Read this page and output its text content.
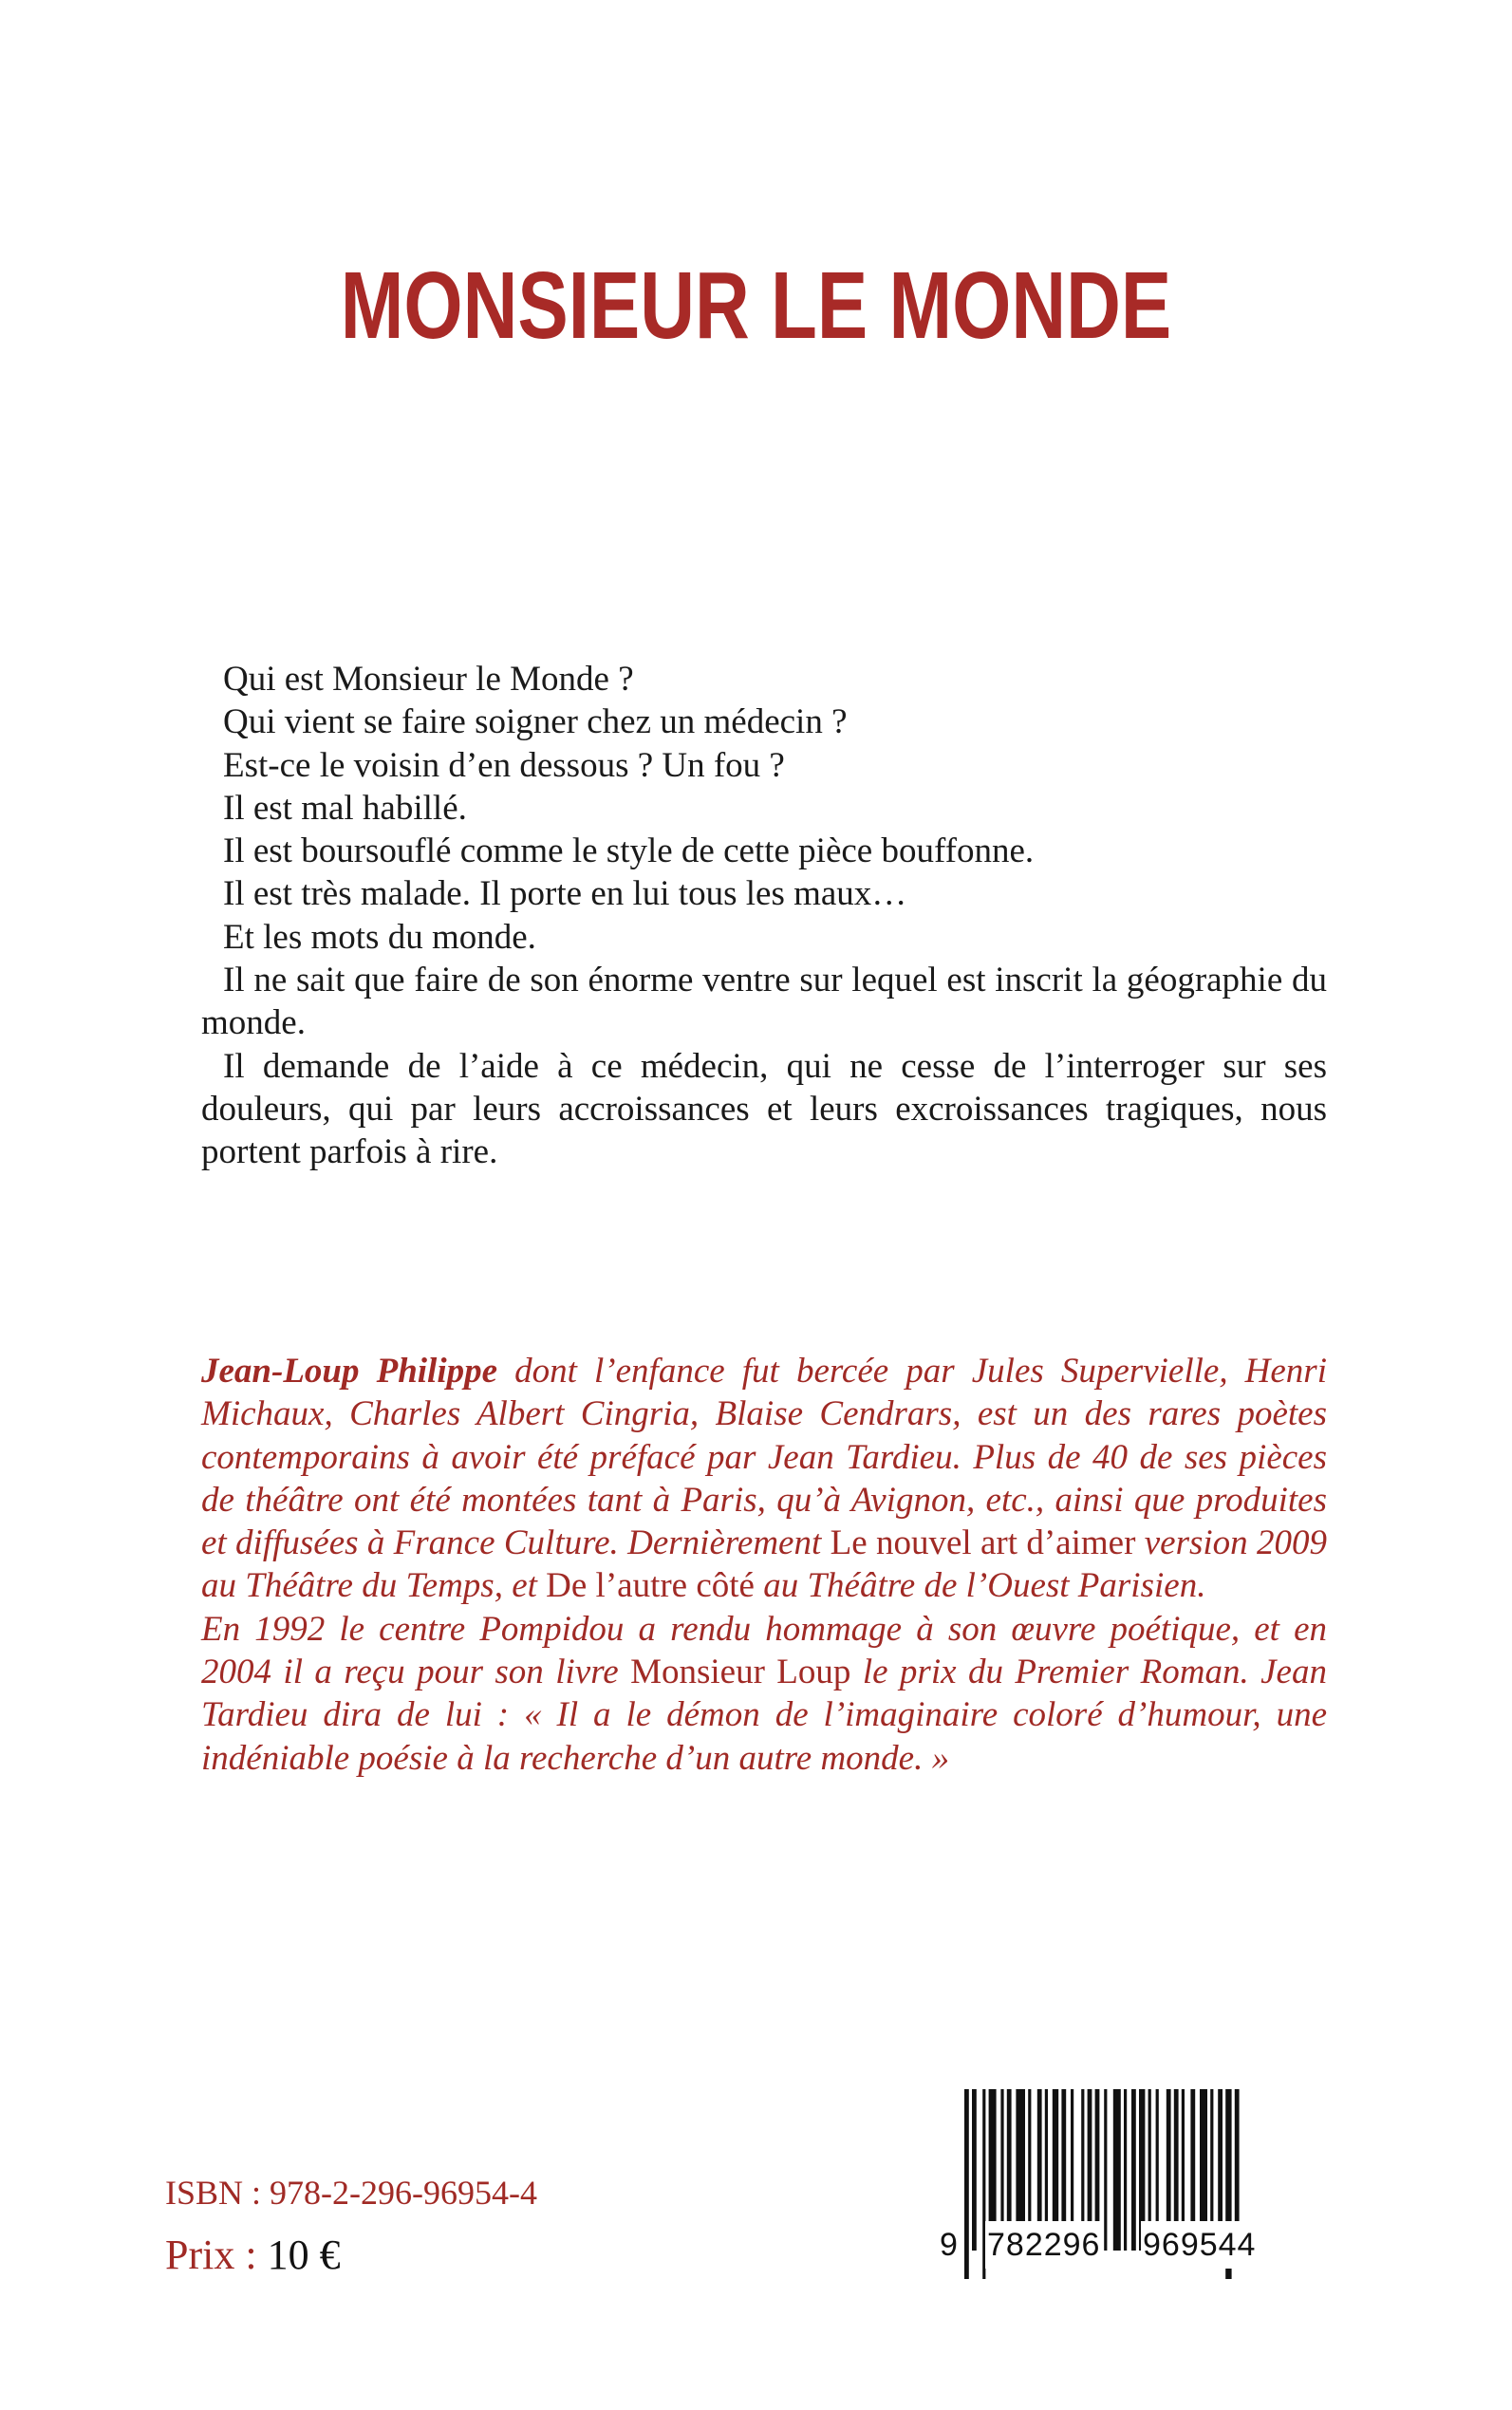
MONSIEUR LE MONDE

Qui est Monsieur le Monde ?

Qui vient se faire soigner chez un médecin ?

Est-ce le voisin d’en dessous ? Un fou ?

Il est mal habillé.

Il est boursouflé comme le style de cette pièce bouffonne.

Il est très malade. Il porte en lui tous les maux…

Et les mots du monde.

Il ne sait que faire de son énorme ventre sur lequel est inscrit la géographie du monde.

Il demande de l’aide à ce médecin, qui ne cesse de l’interroger sur ses douleurs, qui par leurs accroissances et leurs excroissances tragiques, nous portent parfois à rire.

Jean-Loup Philippe dont l’enfance fut bercée par Jules Supervielle, Henri Michaux, Charles Albert Cingria, Blaise Cendrars, est un des rares poètes contemporains à avoir été préfacé par Jean Tardieu. Plus de 40 de ses pièces de théâtre ont été montées tant à Paris, qu’à Avignon, etc., ainsi que produites et diffusées à France Culture. Dernièrement Le nouvel art d’aimer version 2009 au Théâtre du Temps, et De l’autre côté au Théâtre de l’Ouest Parisien.

En 1992 le centre Pompidou a rendu hommage à son œuvre poétique, et en 2004 il a reçu pour son livre Monsieur Loup le prix du Premier Roman. Jean Tardieu dira de lui : « Il a le démon de l’imaginaire coloré d’humour, une indéniable poésie à la recherche d’un autre monde. »

ISBN : 978-2-296-96954-4

Prix : 10 €	9 782296 969544
